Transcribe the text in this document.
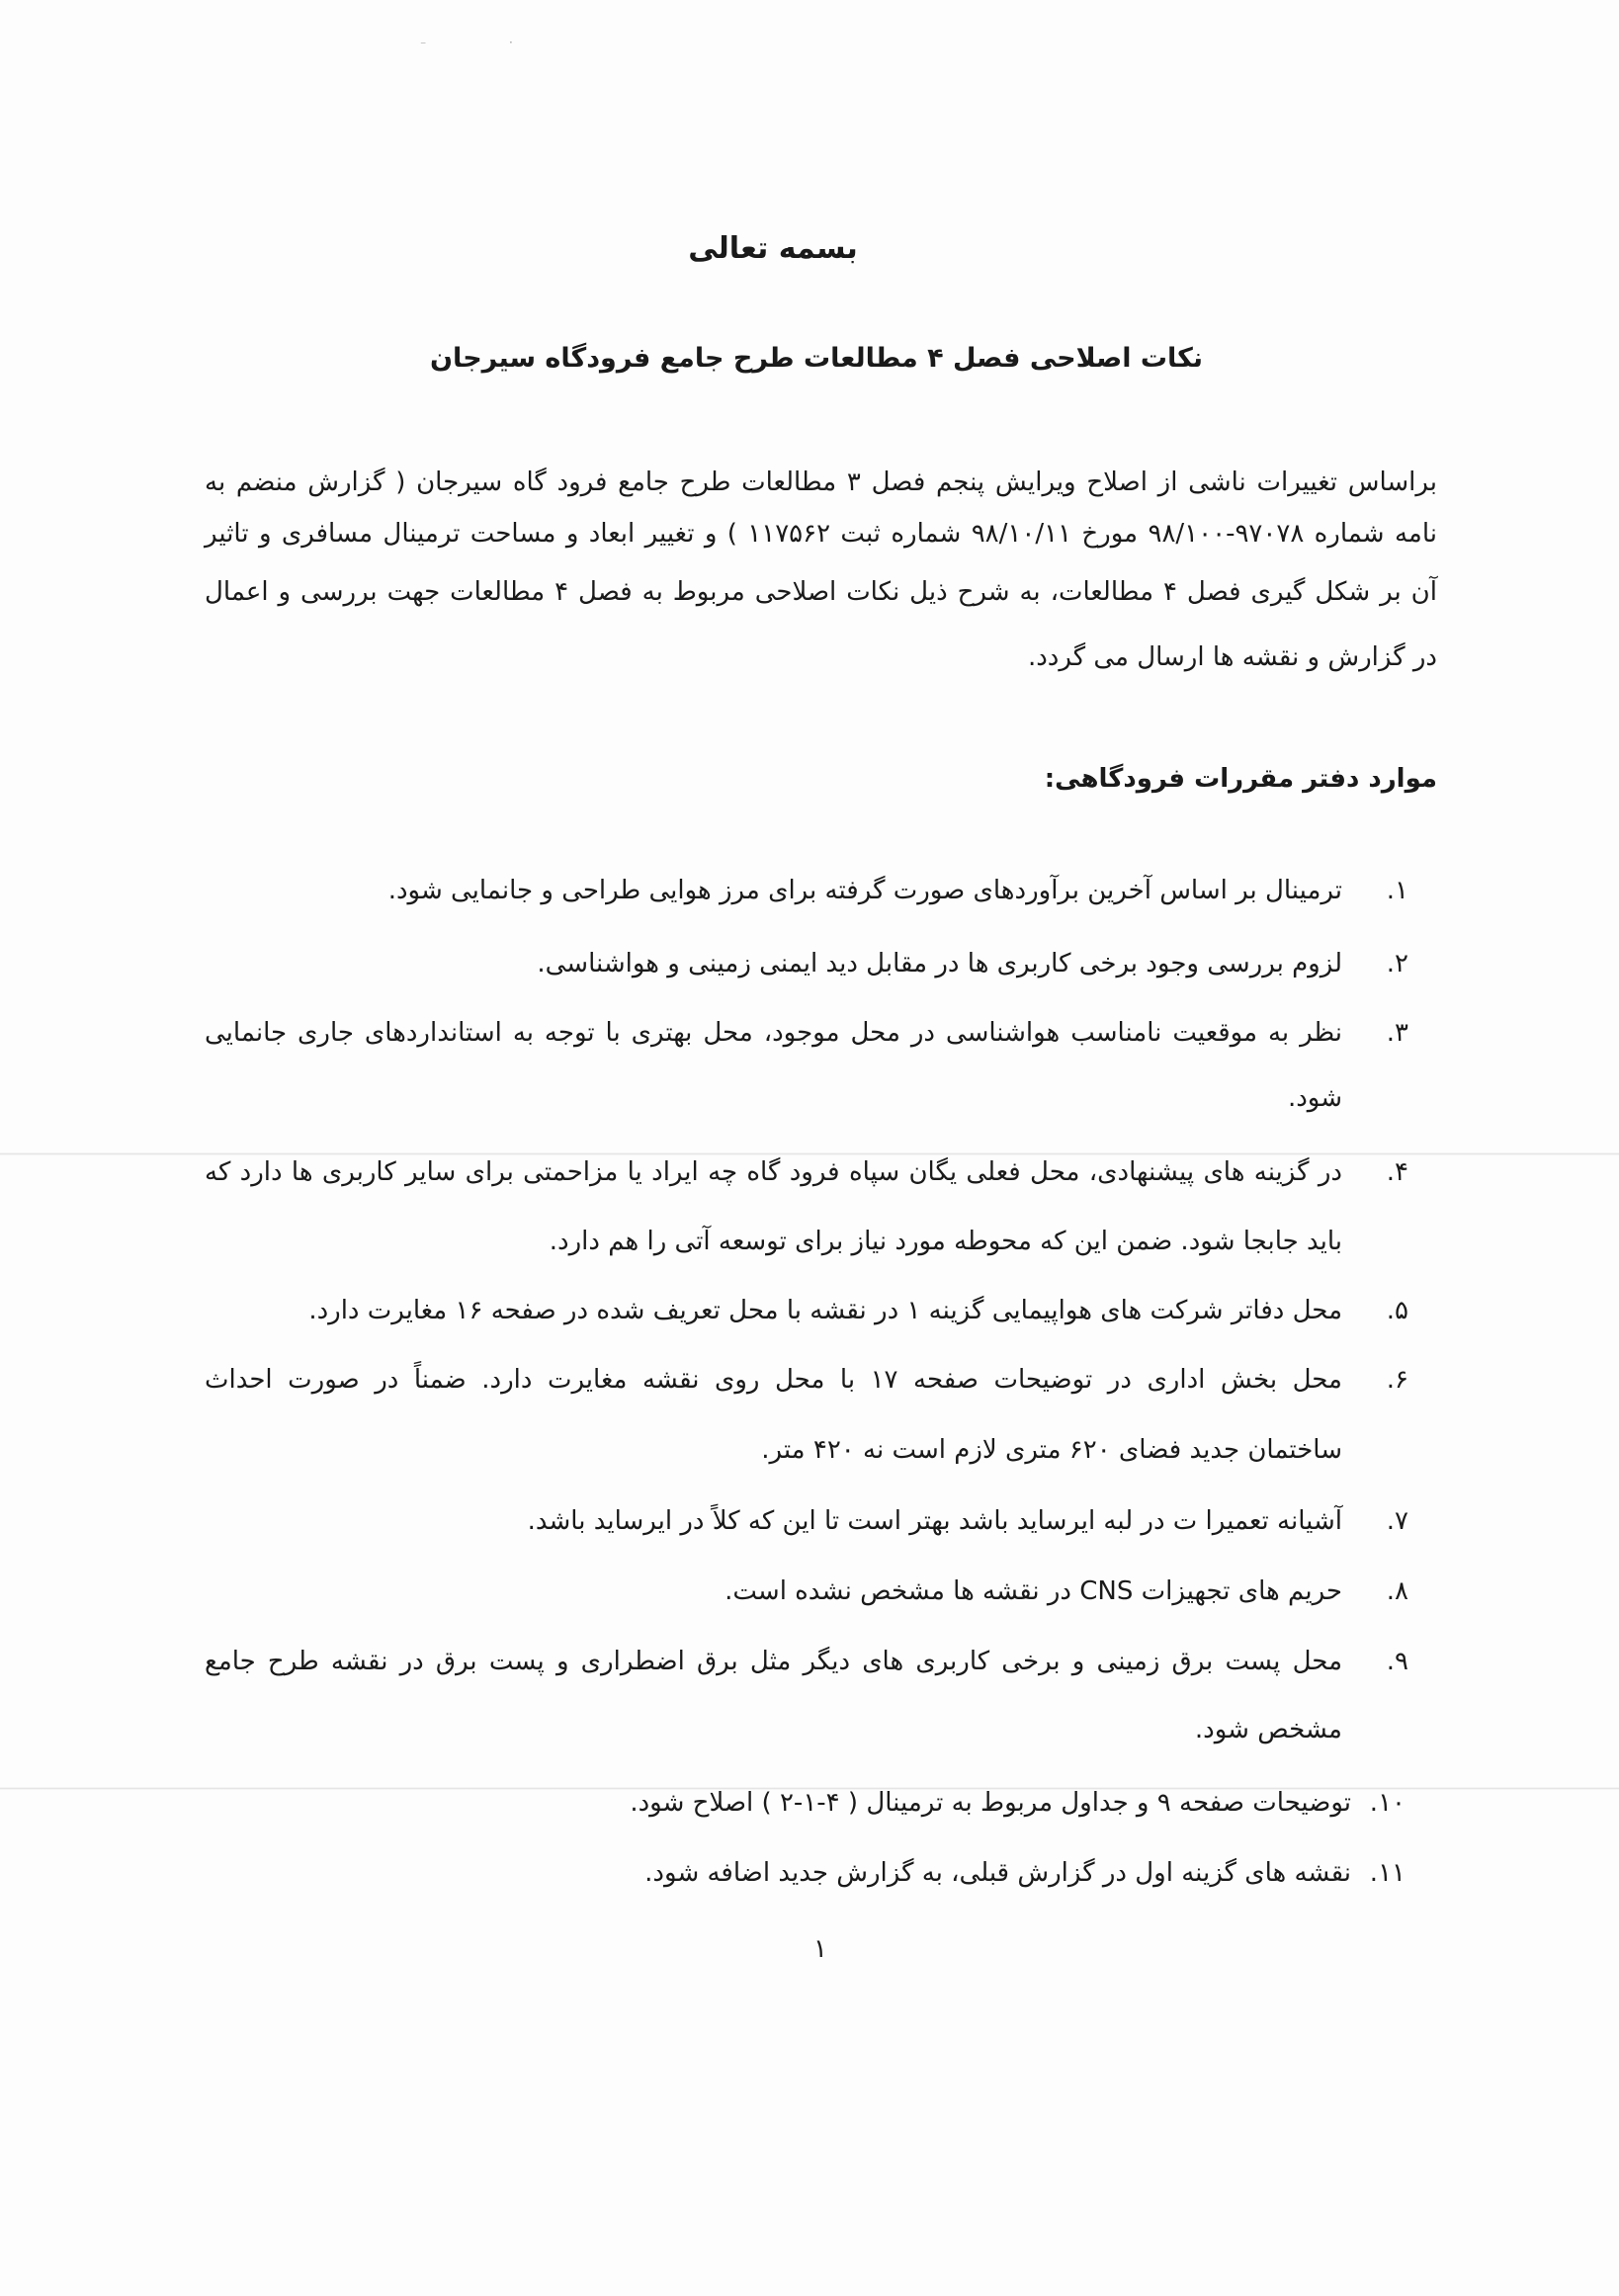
⁻	·
بسمه تعالی
نکات اصلاحی فصل ۴ مطالعات طرح جامع فرودگاه سیرجان
براساس تغییرات ناشی از اصلاح ویرایش پنجم فصل ۳ مطالعات طرح جامع فرود گاه سیرجان ( گزارش منضم به
نامه شماره ۹۷۰۷۸-۹۸/۱۰۰ مورخ ۹۸/۱۰/۱۱ شماره ثبت ۱۱۷۵۶۲ ) و تغییر ابعاد و مساحت ترمینال مسافری و تاثیر
آن بر شکل گیری فصل ۴ مطالعات، به شرح ذیل نکات اصلاحی مربوط به فصل ۴ مطالعات جهت بررسی و اعمال
در گزارش و نقشه ها ارسال می گردد.
موارد دفتر مقررات فرودگاهی:
۱.
ترمینال بر اساس آخرین برآوردهای صورت گرفته برای مرز هوایی طراحی و جانمایی شود.
۲.
لزوم بررسی وجود برخی کاربری ها در مقابل دید ایمنی زمینی و هواشناسی.
۳.
نظر به موقعیت نامناسب هواشناسی در محل موجود، محل بهتری با توجه به استانداردهای جاری جانمایی
شود.
۴.
در گزینه های پیشنهادی، محل فعلی یگان سپاه فرود گاه چه ایراد یا مزاحمتی برای سایر کاربری ها دارد که
باید جابجا شود. ضمن این که محوطه مورد نیاز برای توسعه آتی را هم دارد.
۵.
محل دفاتر شرکت های هواپیمایی گزینه ۱ در نقشه با محل تعریف شده در صفحه ۱۶ مغایرت دارد.
۶.
محل بخش اداری در توضیحات صفحه ۱۷ با محل روی نقشه مغایرت دارد. ضمناً در صورت احداث
ساختمان جدید فضای ۶۲۰ متری لازم است نه ۴۲۰ متر.
۷.
آشیانه تعمیرا ت در لبه ایرساید باشد بهتر است تا این که کلاً در ایرساید باشد.
۸.
حریم های تجهیزات CNS در نقشه ها مشخص نشده است.
۹.
محل پست برق زمینی و برخی کاربری های دیگر مثل برق اضطراری و پست برق در نقشه طرح جامع
مشخص شود.
۱۰.
توضیحات صفحه ۹ و جداول مربوط به ترمینال ( ۴-۱-۲ ) اصلاح شود.
۱۱.
نقشه های گزینه اول در گزارش قبلی، به گزارش جدید اضافه شود.
۱
